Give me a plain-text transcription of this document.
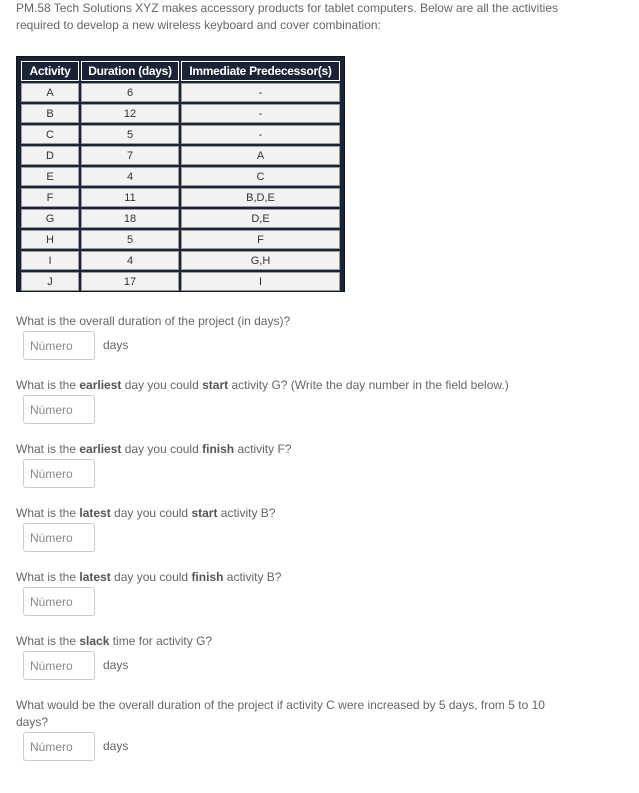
PM.58 Tech Solutions XYZ makes accessory products for tablet computers. Below are all the activities required to develop a new wireless keyboard and cover combination:
Activity	Duration (days)	Immediate Predecessor(s)
A	6	-
B	12	-
C	5	-
D	7	A
E	4	C
F	11	B,D,E
G	18	D,E
H	5	F
I	4	G,H
J	17	I
What is the overall duration of the project (in days)?
Número
days
What is the earliest day you could start activity G? (Write the day number in the field below.)
Número
What is the earliest day you could finish activity F?
Número
What is the latest day you could start activity B?
Número
What is the latest day you could finish activity B?
Número
What is the slack time for activity G?
Número
days
What would be the overall duration of the project if activity C were increased by 5 days, from 5 to 10 days?
Número
days
